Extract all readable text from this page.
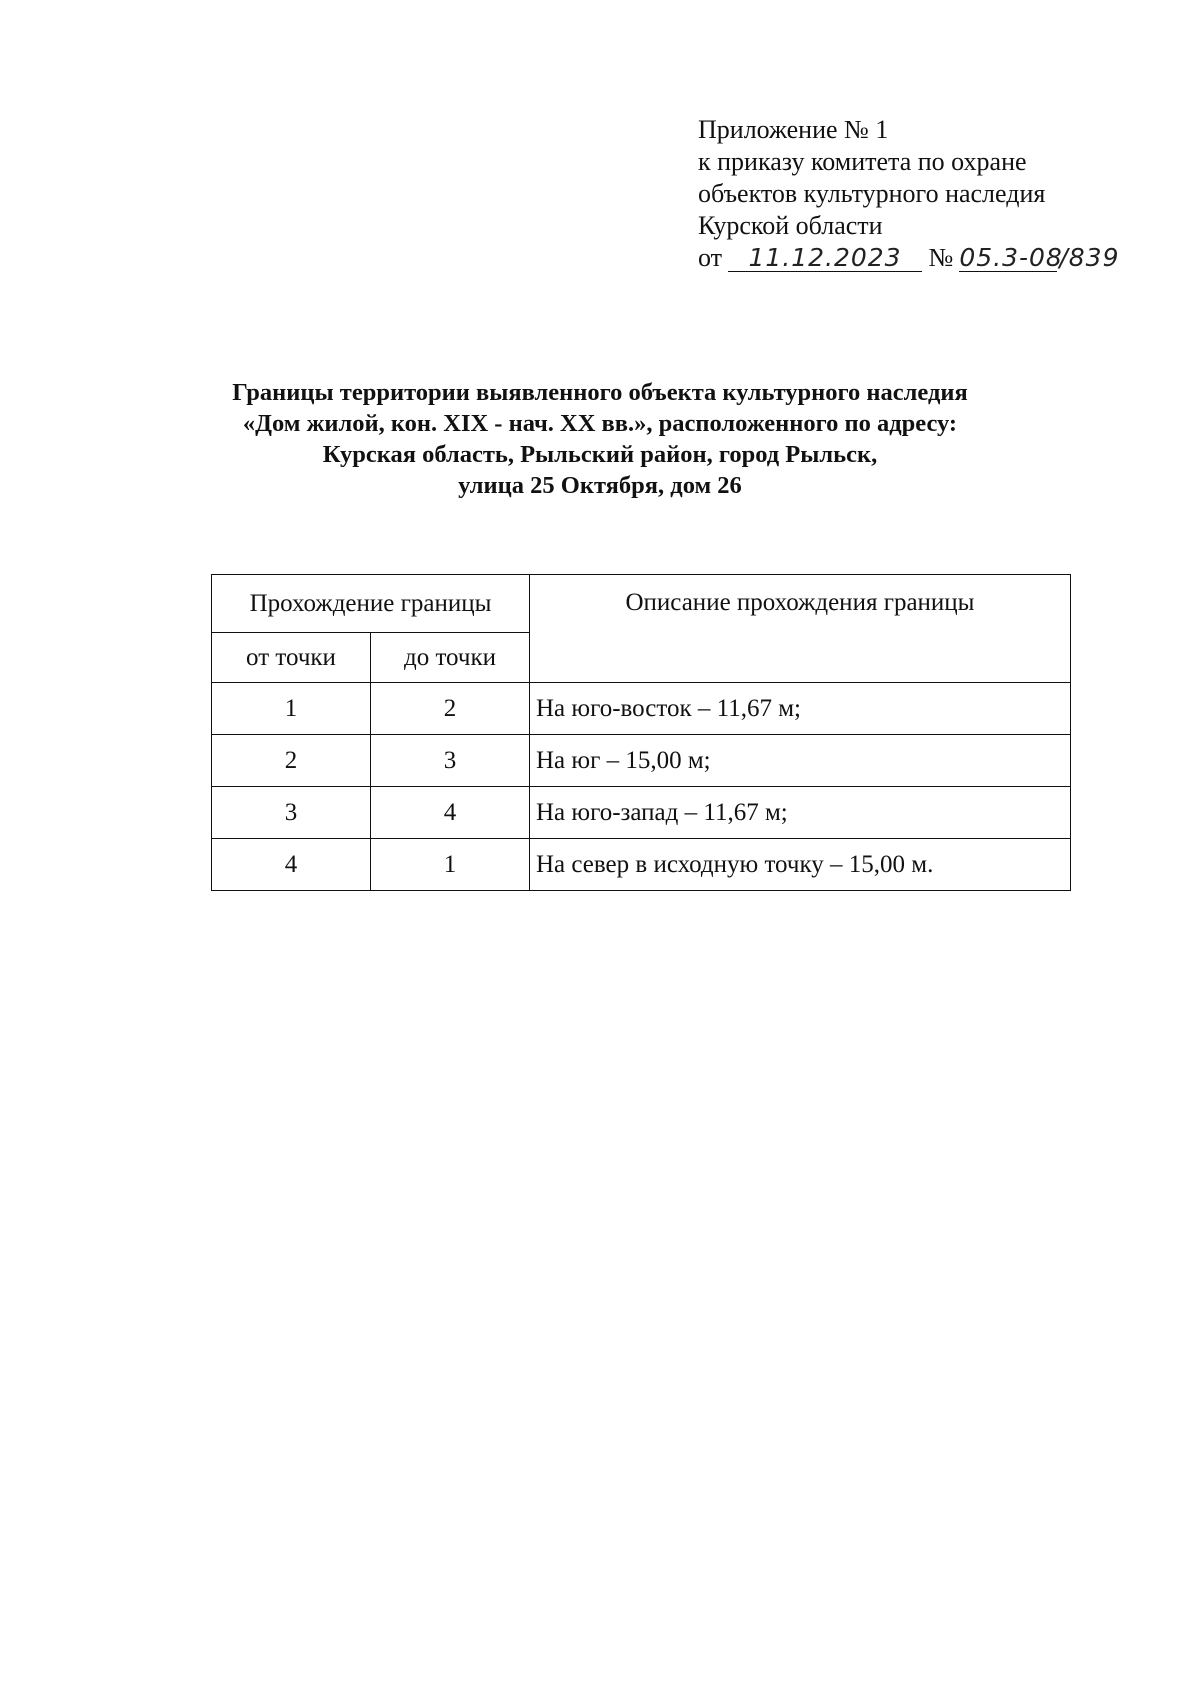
Приложение № 1
к приказу комитета по охране
объектов культурного наследия
Курской области
от 11.12.2023 № 05.3-08/839
Границы территории выявленного объекта культурного наследия
«Дом жилой, кон. XIX - нач. XX вв.», расположенного по адресу:
Курская область, Рыльский район, город Рыльск,
улица 25 Октября, дом 26
Прохождение границы		Описание прохождения границы
от точки	до точки	
1	2	На юго-восток – 11,67 м;
2	3	На юг – 15,00 м;
3	4	На юго-запад – 11,67 м;
4	1	На север в исходную точку – 15,00 м.
